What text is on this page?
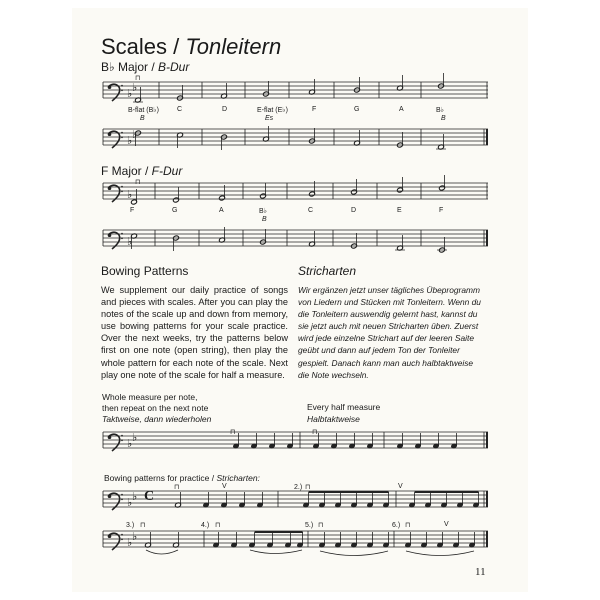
Scales / Tonleitern
B♭ Major / B-Dur
B-flat (B♭)	C	D	E-flat (E♭)	F	G	A	B♭
B	Es	B
F Major / F-Dur
F	G	A	B♭	C	D	E	F
B
Bowing Patterns	Stricharten
We supplement our daily practice of songs and pieces with scales. After you can play the notes of the scale up and down from memory, use bowing patterns for your scale practice. Over the next weeks, try the patterns below first on one note (open string), then play the whole pattern for each note of the scale. Next play one note of the scale for half a measure.
Wir ergänzen jetzt unser tägliches Übeprogramm von Liedern und Stücken mit Tonleitern. Wenn du die Tonleitern auswendig gelernt hast, kannst du sie jetzt auch mit neuen Stricharten üben. Zuerst wird jede einzelne Strichart auf der leeren Saite geübt und dann auf jedem Ton der Tonleiter gespielt. Danach kann man auch halbtaktweise die Note wechseln.
Whole measure per note,
then repeat on the next note
Taktweise, dann wiederholen
Every half measure
Halbtaktweise
Bowing patterns for practice / Stricharten:
2.)
3.)	4.)	5.)	6.)
⊓
⊓
⊓	⊓
⊓	V	⊓	V
⊓	⊓	⊓	⊓	V
C
♭ ♭
♭ ♭
♭
♭
♭ ♭
♭ ♭
♭ ♭
11
